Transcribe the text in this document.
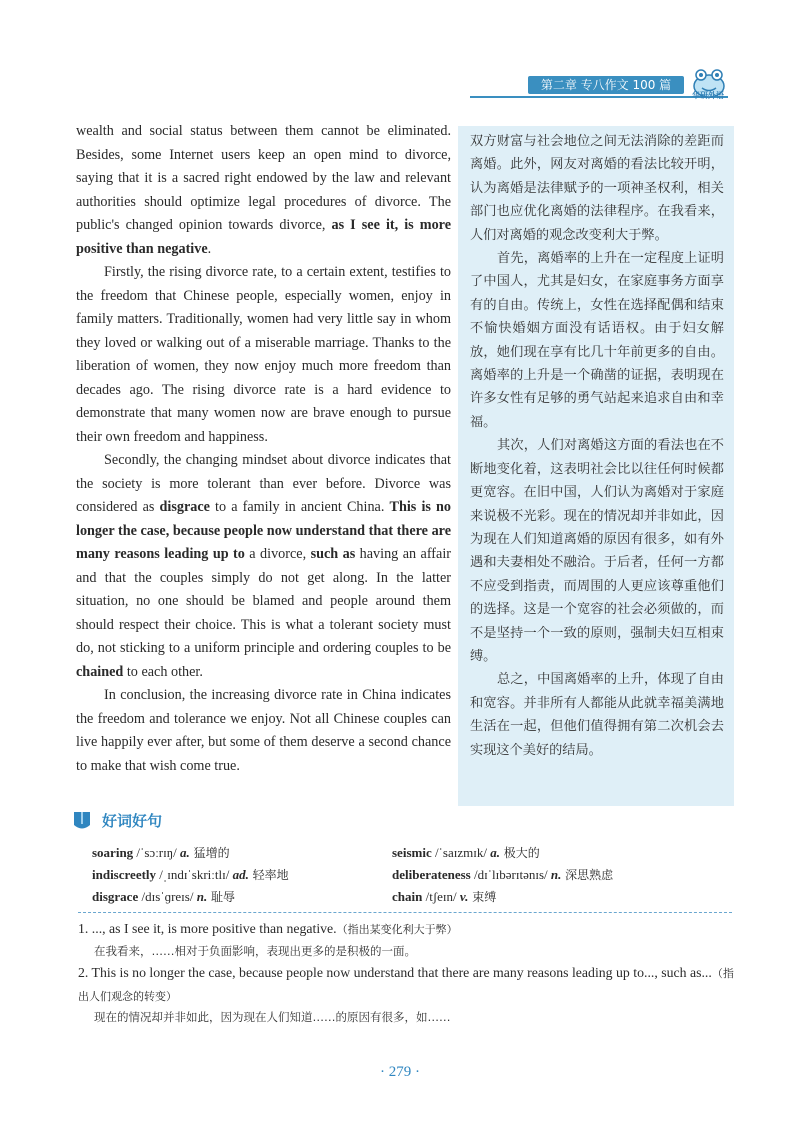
第二章 专八作文 100 篇
华研外语

wealth and social status between them cannot be eliminated. Besides, some Internet users keep an open mind to divorce, saying that it is a sacred right endowed by the law and relevant authorities should optimize legal procedures of divorce. The public's changed opinion towards divorce, as I see it, is more positive than negative.

Firstly, the rising divorce rate, to a certain extent, testifies to the freedom that Chinese people, especially women, enjoy in family matters. Traditionally, women had very little say in whom they loved or walking out of a miserable marriage. Thanks to the liberation of women, they now enjoy much more freedom than decades ago. The rising divorce rate is a hard evidence to demonstrate that many women now are brave enough to pursue their own freedom and happiness.

Secondly, the changing mindset about divorce indicates that the society is more tolerant than ever before. Divorce was considered as disgrace to a family in ancient China. This is no longer the case, because people now understand that there are many reasons leading up to a divorce, such as having an affair and that the couples simply do not get along. In the latter situation, no one should be blamed and people around them should respect their choice. This is what a tolerant society must do, not sticking to a uniform principle and ordering couples to be chained to each other.

In conclusion, the increasing divorce rate in China indicates the freedom and tolerance we enjoy. Not all Chinese couples can live happily ever after, but some of them deserve a second chance to make that wish come true.

双方财富与社会地位之间无法消除的差距而离婚。此外，网友对离婚的看法比较开明，认为离婚是法律赋予的一项神圣权利，相关部门也应优化离婚的法律程序。在我看来，人们对离婚的观念改变利大于弊。

首先，离婚率的上升在一定程度上证明了中国人，尤其是妇女，在家庭事务方面享有的自由。传统上，女性在选择配偶和结束不愉快婚姻方面没有话语权。由于妇女解放，她们现在享有比几十年前更多的自由。离婚率的上升是一个确凿的证据，表明现在许多女性有足够的勇气站起来追求自由和幸福。

其次，人们对离婚这方面的看法也在不断地变化着，这表明社会比以往任何时候都更宽容。在旧中国，人们认为离婚对于家庭来说极不光彩。现在的情况却并非如此，因为现在人们知道离婚的原因有很多，如有外遇和夫妻相处不融洽。于后者，任何一方都不应受到指责，而周围的人更应该尊重他们的选择。这是一个宽容的社会必须做的，而不是坚持一个一致的原则，强制夫妇互相束缚。

总之，中国离婚率的上升，体现了自由和宽容。并非所有人都能从此就幸福美满地生活在一起，但他们值得拥有第二次机会去实现这个美好的结局。

好词好句
soaring /ˈsɔːrɪŋ/ a. 猛增的	seismic /ˈsaɪzmɪk/ a. 极大的
indiscreetly /ˌɪndɪˈskriːtlɪ/ ad. 轻率地	deliberateness /dɪˈlɪbərɪtənɪs/ n. 深思熟虑
disgrace /dɪsˈɡreɪs/ n. 耻辱	chain /tʃeɪn/ v. 束缚

1. ..., as I see it, is more positive than negative.（指出某变化利大于弊）

在我看来，……相对于负面影响，表现出更多的是积极的一面。

2. This is no longer the case, because people now understand that there are many reasons leading up to..., such as...（指出人们观念的转变）

现在的情况却并非如此，因为现在人们知道……的原因有很多，如……

· 279 ·
